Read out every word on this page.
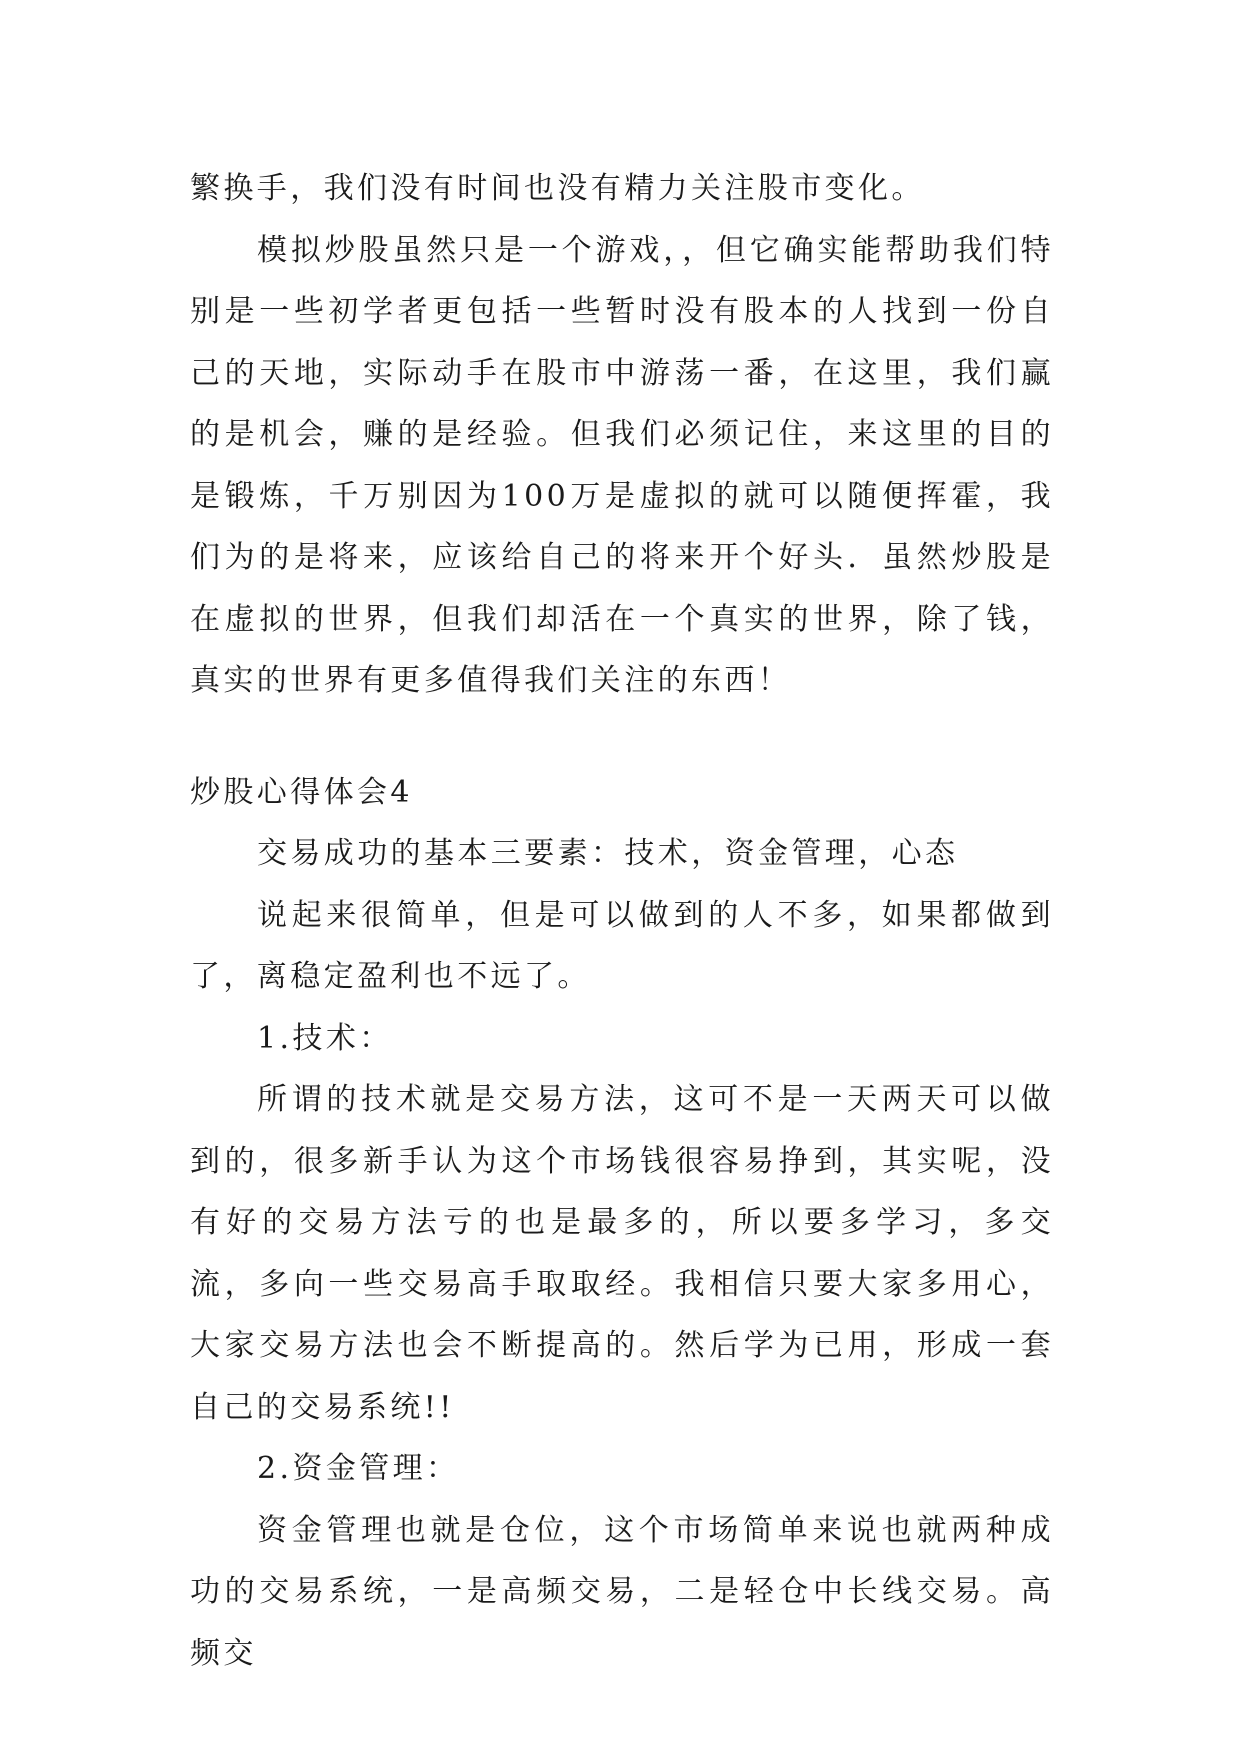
繁换手，我们没有时间也没有精力关注股市变化。

模拟炒股虽然只是一个游戏，，但它确实能帮助我们特别是一些初学者更包括一些暂时没有股本的人找到一份自己的天地，实际动手在股市中游荡一番，在这里，我们赢的是机会，赚的是经验。但我们必须记住，来这里的目的是锻炼，千万别因为100万是虚拟的就可以随便挥霍，我们为的是将来，应该给自己的将来开个好头．虽然炒股是在虚拟的世界，但我们却活在一个真实的世界，除了钱，真实的世界有更多值得我们关注的东西！

炒股心得体会4

交易成功的基本三要素：技术，资金管理，心态

说起来很简单，但是可以做到的人不多，如果都做到了，离稳定盈利也不远了。

1.技术：

所谓的技术就是交易方法，这可不是一天两天可以做到的，很多新手认为这个市场钱很容易挣到，其实呢，没有好的交易方法亏的也是最多的，所以要多学习，多交流，多向一些交易高手取取经。我相信只要大家多用心，大家交易方法也会不断提高的。然后学为已用，形成一套自己的交易系统!!

2.资金管理：

资金管理也就是仓位，这个市场简单来说也就两种成功的交易系统，一是高频交易，二是轻仓中长线交易。高频交
